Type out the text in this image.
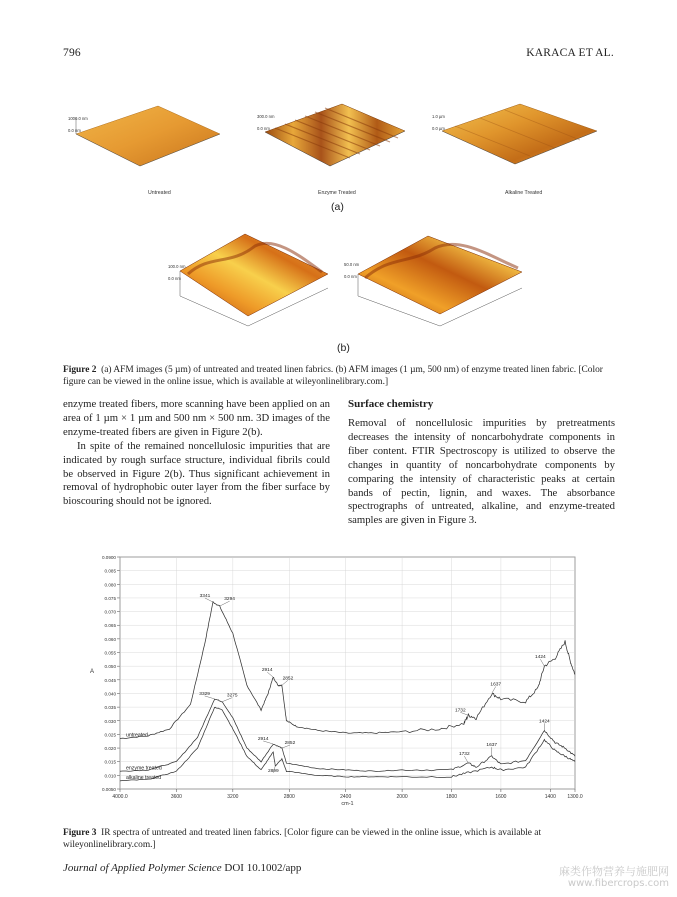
796	KARACA ET AL.
1000.0 nm
0.0 nm
Untreated
300.0 nm
0.0 nm
Enzyme Treated
1.0 µm
0.0 µm
Alkaline Treated
(a)
100.0 nm
0.0 nm
50.0 nm
0.0 nm
(b)
Figure 2 (a) AFM images (5 µm) of untreated and treated linen fabrics. (b) AFM images (1 µm, 500 nm) of enzyme treated linen fabric. [Color figure can be viewed in the online issue, which is available at wileyonlinelibrary.com.]

enzyme treated fibers, more scanning have been applied on an area of 1 µm × 1 µm and 500 nm × 500 nm. 3D images of the enzyme-treated fibers are given in Figure 2(b).

In spite of the remained noncellulosic impurities that are indicated by rough surface structure, individual fibrils could be observed in Figure 2(b). Thus significant achievement in removal of hydrophobic outer layer from the fiber surface by bioscouring should not be ignored.

Surface chemistry
Removal of noncellulosic impurities by pretreatments decreases the intensity of noncarbohydrate components in fiber content. FTIR Spectroscopy is utilized to observe the changes in quantity of noncarbohydrate components by comparing the intensity of characteristic peaks at certain bands of pectin, lignin, and waxes. The absorbance spectrographs of untreated, alkaline, and enzyme-treated samples are given in Figure 3.
0.0900
0.085
0.080
0.075
0.070
0.065
0.060
0.055
0.050
0.045
0.040
0.035
0.030
0.025
0.020
0.015
0.010
0.0050
4000.0	3600	3200	2800	2400	2000	1800	1600	1400 1300.0
cm-1
A
untreated
enzyme treated
alkaline treated
3341
3294
2914
2852
1732
1637
1424
3329	3275
2914
2852
2899
1732
1637
1424
Figure 3 IR spectra of untreated and treated linen fabrics. [Color figure can be viewed in the online issue, which is available at wileyonlinelibrary.com.]
Journal of Applied Polymer Science DOI 10.1002/app	麻类作物营养与施肥网
www.fibercrops.com
